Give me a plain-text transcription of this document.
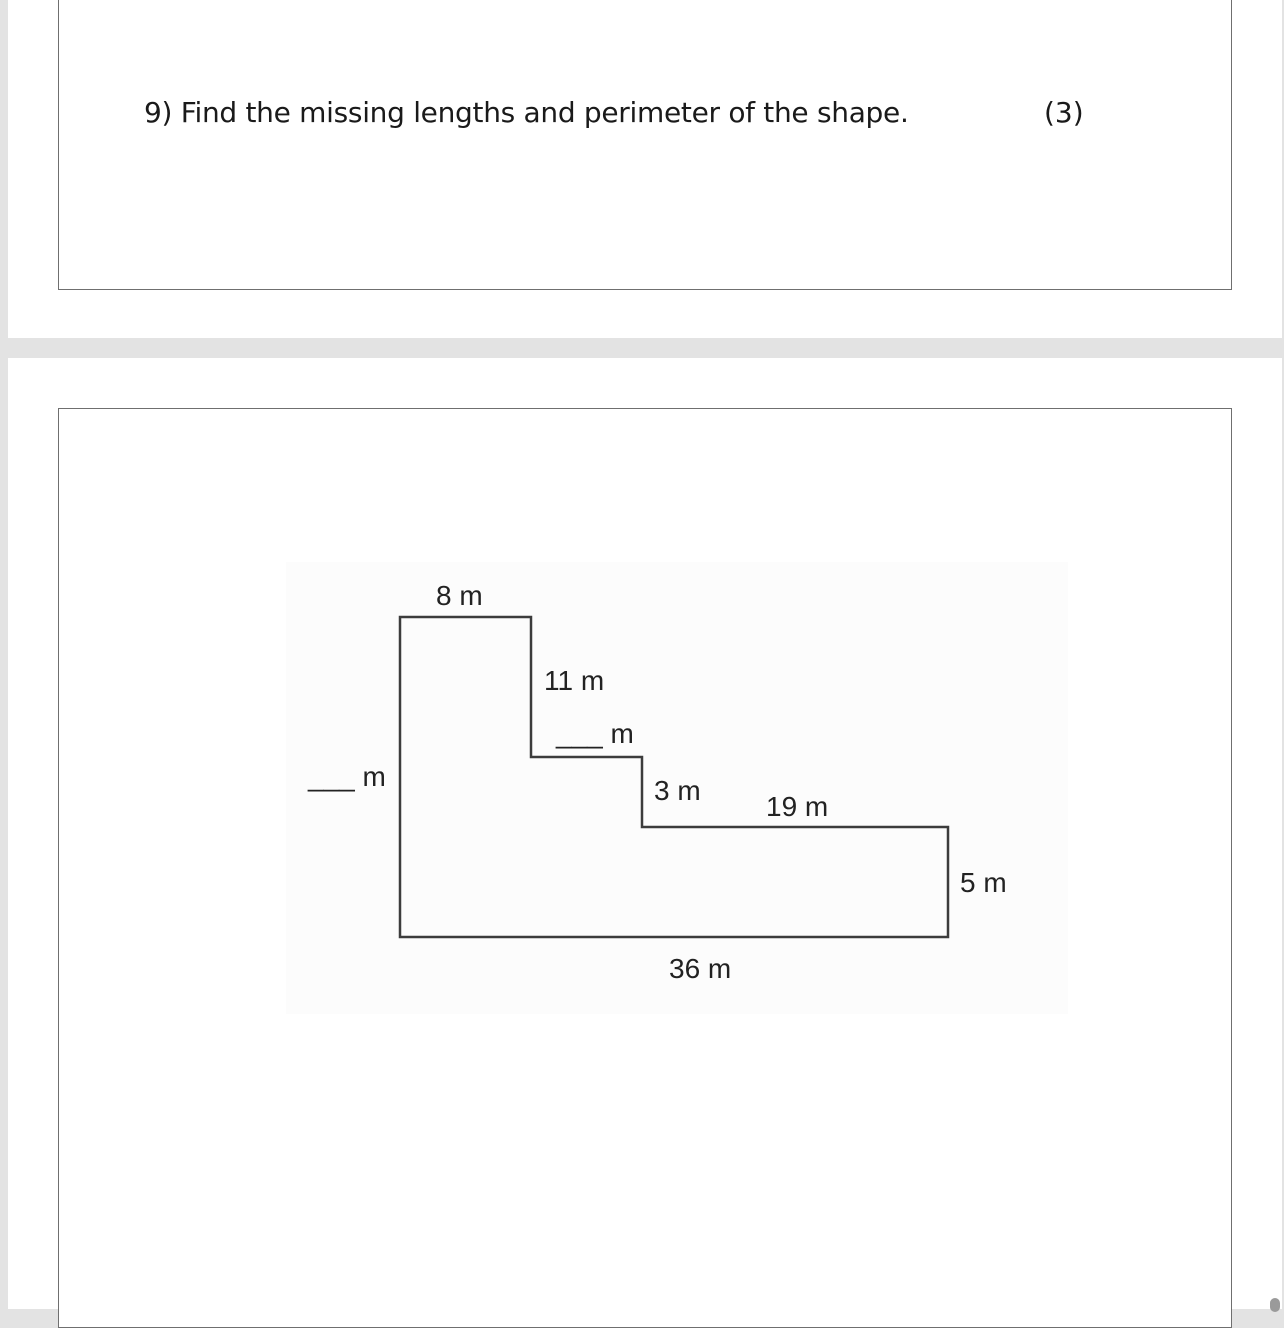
9) Find the missing lengths and perimeter of the shape.	(3)
8 m
11 m
___ m
___ m	3 m
19 m
5 m
36 m
